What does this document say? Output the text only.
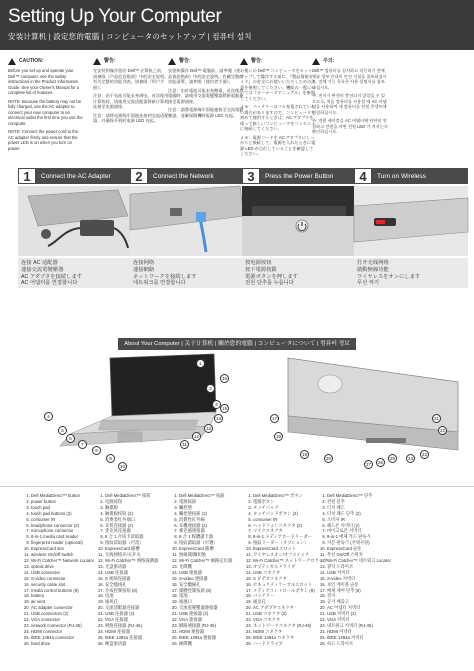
Setting Up Your Computer
安装计算机 | 設定您的電腦 | コンピュータのセットアップ | 컴퓨터 설치
CAUTION:

Before you set up and operate your Dell™ computer, see the safety instructions in the Product Information Guide. See your Owner's Manual for a complete list of features.

NOTE: Because the battery may not be fully charged, use the AC adapter to connect your new computer to an electrical outlet the first time you use the computer.

NOTE: Connect the power cord to the AC adapter firmly and ensure that the power LED is on when you turn on power.

警告:

在安装和操作您的 Dell™ 计算机之前，请参阅《产品信息指南》中的安全说明。有关完整的功能列表，请参阅《用户手册》。

注意：由于电池可能未充满电，首次使用计算机时，请使用交流适配器将新计算机连接至电源插座。

注意：请将电源线牢固地连接到交流适配器，并确保开机时电源 LED 亮起。

警告:

安裝和操作 Dell™ 電腦前，請參閱《產品資訊指南》中的安全說明。有關完整的功能清單，請參閱《使用者手冊》。

注意：由於電池可能未充飽電，首次使用電腦時，請使用交流電變壓器將新電腦連接至電源插座。

注意：請將電源線牢固地連接至交流電變壓器，並確保開機時電源 LED 亮起。

警告:

お使いの Dell™ コンピュータをセットアップして操作する前に、『製品情報ガイド』の安全にお使いいただくための注意を参照してください。機能の一覧については『オーナーズマニュアル』を参照してください。

メモ：バッテリーはフル充電されていない場合がありますので、コンピュータを初めて使用するときは、AC アダプタを使って新しいコンピュータをコンセントに接続してください。

メモ：電源コードを AC アダプタにしっかりと接続して、電源を入れたときに電源 LED が点灯していることを確認してください。

주의:

Dell™ 컴퓨터를 설치하고 작동하기 전에 제품 정보 안내의 안전 지침을 참조하십시오. 전체 기능 목록은 사용 설명서를 참조하십시오.

주: 전지가 완전히 충전되지 않았을 수 있으므로, 처음 컴퓨터를 사용할 때 AC 어댑터를 사용하여 새 컴퓨터를 전원 콘센트에 연결하십시오.

주: 전원 케이블을 AC 어댑터에 단단히 연결하고 전원을 켜면 전원 LED 가 켜지는지 확인하십시오.

1	Connect the AC Adapter
连接 AC 适配器
連接交流電變壓器
AC アダプタを接続します
AC 어댑터를 연결합니다
2	Connect the Network
连接网络
連接網路
ネットワークを接続します
네트워크를 연결합니다
3	Press the Power Button
按电源按钮
按下電源按鈕
電源ボタンを押します
전원 단추를 누릅니다
4	Turn on Wireless
打开无线网络
啟動無線功能
ワイヤレスをオンにします
무선 켜기
About Your Computer | 关于计算机 | 關於您的電腦 | コンピュータについて | 컴퓨터 정보
1
2
3
4
5
6
7
8
9
10
11
12
13
14
15
16
17
18
19
20
21
22
23
24
25
26
27
1. Dell MediaDirect™ button
2. power button
3. touch pad
4. touch pad buttons (2)
5. consumer IR
6. headphone connector (2)
7. microphone connector
8. 8-in-1 media card reader
9. fingerprint reader (optional)
10. ExpressCard slot
11. wireless On/Off switch
12. Wi-Fi Catcher™ Network Locator
13. optical drive
14. USB connector
15. S-video connector
16. security cable slot
17. media control buttons (8)
18. battery
19. air vent
20. AC adapter connector
21. USB connectors (2)
22. VGA connector
23. network connector (RJ-45)
24. HDMI connector
25. IEEE 1394a connector
26. hard drive
1. Dell MediaDirect™ 按钮
2. 电源按钮
3. 触摸板
4. 触摸板按钮 (2)
5. 消费类红外端口
6. 耳机连接器 (2)
7. 麦克风连接器
8. 8 合 1 介质卡读取器
9. 指纹读取器（可选）
10. ExpressCard 插槽
11. 无线网络开/关开关
12. Wi-Fi Catcher™ 网络探测器
13. 光盘驱动器
14. USB 连接器
15. S 视频连接器
16. 安全缆线孔
17. 介质控制按钮 (8)
18. 电池
19. 通风孔
20. 交流适配器连接器
21. USB 连接器 (2)
22. VGA 连接器
23. 网络连接器 (RJ-45)
24. HDMI 连接器
25. IEEE 1394a 连接器
26. 硬盘驱动器
1. Dell MediaDirect™ 按鈕
2. 電源按鈕
3. 觸控墊
4. 觸控墊按鈕 (2)
5. 消費性紅外線
6. 耳機連接器 (2)
7. 麥克風連接器
8. 8 合 1 媒體讀卡器
9. 指紋讀取器（可選）
10. ExpressCard 插槽
11. 無線開/關切換
12. Wi-Fi Catcher™ 網路定位器
13. 光碟機
14. USB 連接器
15. S-video 連接器
16. 安全纜線孔
17. 媒體控制按鈕 (8)
18. 電池
19. 通風口
20. 交流電變壓器連接器
21. USB 連接器 (2)
22. VGA 連接器
23. 網路連接器 (RJ-45)
24. HDMI 連接器
25. IEEE 1394a 連接器
26. 硬碟機
1. Dell MediaDirect™ ボタン
2. 電源ボタン
3. タッチパッド
4. タッチパッドボタン (2)
5. consumer IR
6. ヘッドフォンコネクタ (2)
7. マイクコネクタ
8. 8-in-1 メディアカードリーダー
9. 指紋リーダー（オプション）
10. ExpressCard スロット
11. ワイヤレスオン/オフスイッチ
12. Wi-Fi Catcher™ ネットワークロケータ
13. オプティカルドライブ
14. USB コネクタ
15. S ビデオコネクタ
16. セキュリティケーブルスロット
17. メディアコントロールボタン (8)
18. バッテリー
19. 通気孔
20. AC アダプタコネクタ
21. USB コネクタ (2)
22. VGA コネクタ
23. ネットワークコネクタ (RJ-45)
24. HDMI コネクタ
25. IEEE 1394a コネクタ
26. ハードドライブ
1. Dell MediaDirect™ 단추
2. 전원 단추
3. 터치 패드
4. 터치 패드 단추 (2)
5. 소비자 IR
6. 헤드폰 커넥터 (2)
7. 마이크로폰 커넥터
8. 8-in-1 매체 카드 판독기
9. 지문 판독기 (선택사양)
10. ExpressCard 슬롯
11. 무선 On/Off 스위치
12. Wi-Fi Catcher™ 네트워크 Locator
13. 광학 드라이브
14. USB 커넥터
15. S-video 커넥터
16. 보안 케이블 슬롯
17. 매체 제어 단추 (8)
18. 전지
19. 공기 배출구
20. AC 어댑터 커넥터
21. USB 커넥터 (2)
22. VGA 커넥터
23. 네트워크 커넥터 (RJ-45)
24. HDMI 커넥터
25. IEEE 1394a 커넥터
26. 하드 드라이브
